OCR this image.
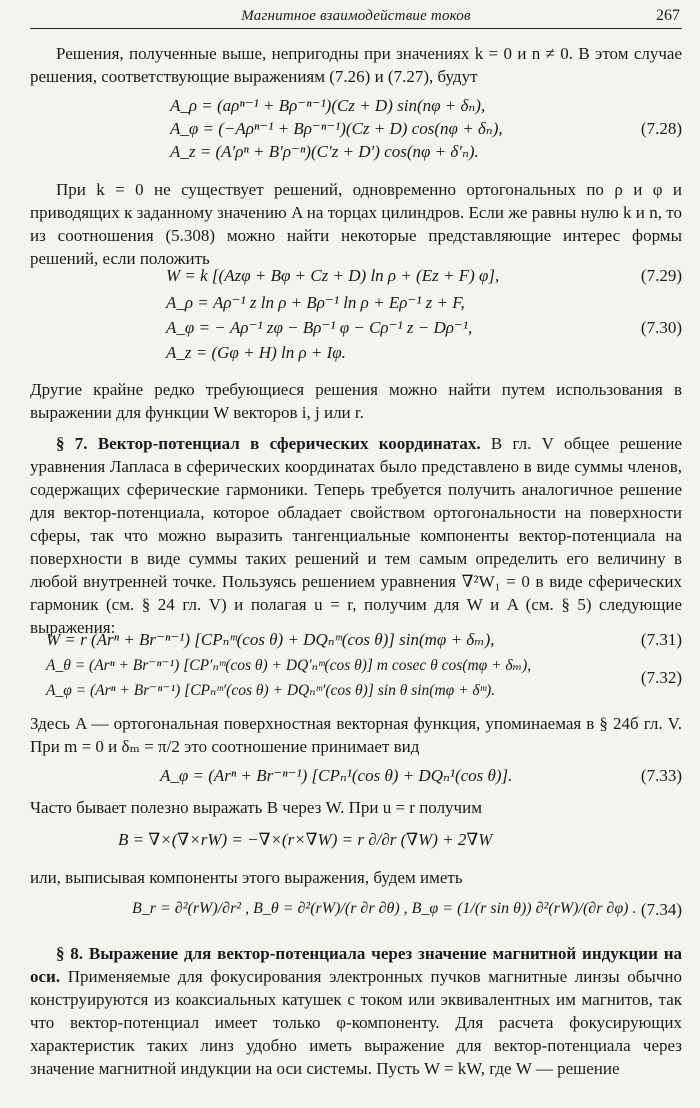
Магнитное взаимодействие токов	267

Решения, полученные выше, непригодны при значениях k = 0 и n ≠ 0. В этом случае решения, соответствующие выражениям (7.26) и (7.27), будут

A_ρ = (aρⁿ⁻¹ + Bρ⁻ⁿ⁻¹)(Cz + D) sin(nφ + δₙ),
A_φ = (−Aρⁿ⁻¹ + Bρ⁻ⁿ⁻¹)(Cz + D) cos(nφ + δₙ),
A_z = (A′ρⁿ + B′ρ⁻ⁿ)(C′z + D′) cos(nφ + δ′ₙ).
(7.28)

При k = 0 не существует решений, одновременно ортогональных по ρ и φ и приводящих к заданному значению A на торцах цилиндров. Если же равны нулю k и n, то из соотношения (5.308) можно найти некоторые представляющие интерес формы решений, если положить

W = k [(Azφ + Bφ + Cz + D) ln ρ + (Ez + F) φ],	(7.29)
A_ρ = Aρ⁻¹ z ln ρ + Bρ⁻¹ ln ρ + Eρ⁻¹ z + F,
A_φ = − Aρ⁻¹ zφ − Bρ⁻¹ φ − Cρ⁻¹ z − Dρ⁻¹,
A_z = (Gφ + H) ln ρ + Iφ.
(7.30)

Другие крайне редко требующиеся решения можно найти путем использования в выражении для функции W векторов i, j или r.

§ 7. Вектор-потенциал в сферических координатах. В гл. V общее решение уравнения Лапласа в сферических координатах было представлено в виде суммы членов, содержащих сферические гармоники. Теперь требуется получить аналогичное решение для вектор-потенциала, которое обладает свойством ортогональности на поверхности сферы, так что можно выразить тангенциальные компоненты вектор-потенциала на поверхности в виде суммы таких решений и тем самым определить его величину в любой внутренней точке. Пользуясь решением уравнения ∇²W₁ = 0 в виде сферических гармоник (см. § 24 гл. V) и полагая u = r, получим для W и A (см. § 5) следующие выражения:

W = r (Arⁿ + Br⁻ⁿ⁻¹) [CPₙᵐ(cos θ) + DQₙᵐ(cos θ)] sin(mφ + δₘ),	(7.31)
A_θ = (Arⁿ + Br⁻ⁿ⁻¹) [CP′ₙᵐ(cos θ) + DQ′ₙᵐ(cos θ)] m cosec θ cos(mφ + δₘ),
A_φ = (Arⁿ + Br⁻ⁿ⁻¹) [CPₙᵐ′(cos θ) + DQₙᵐ′(cos θ)] sin θ sin(mφ + δᵐ).
(7.32)

Здесь A — ортогональная поверхностная векторная функция, упоминаемая в § 24б гл. V. При m = 0 и δₘ = π/2 это соотношение принимает вид

A_φ = (Arⁿ + Br⁻ⁿ⁻¹) [CPₙ¹(cos θ) + DQₙ¹(cos θ)].	(7.33)

Часто бывает полезно выражать B через W. При u = r получим

B = ∇×(∇×rW) = −∇×(r×∇W) = r ∂/∂r (∇W) + 2∇W

или, выписывая компоненты этого выражения, будем иметь

B_r = ∂²(rW)/∂r² , B_θ = ∂²(rW)/(r ∂r ∂θ) , B_φ = (1/(r sin θ)) ∂²(rW)/(∂r ∂φ) . (7.34)

§ 8. Выражение для вектор-потенциала через значение магнитной индукции на оси. Применяемые для фокусирования электронных пучков магнитные линзы обычно конструируются из коаксиальных катушек с током или эквивалентных им магнитов, так что вектор-потенциал имеет только φ-компоненту. Для расчета фокусирующих характеристик таких линз удобно иметь выражение для вектор-потенциала через значение магнитной индукции на оси системы. Пусть W = kW, где W — решение
